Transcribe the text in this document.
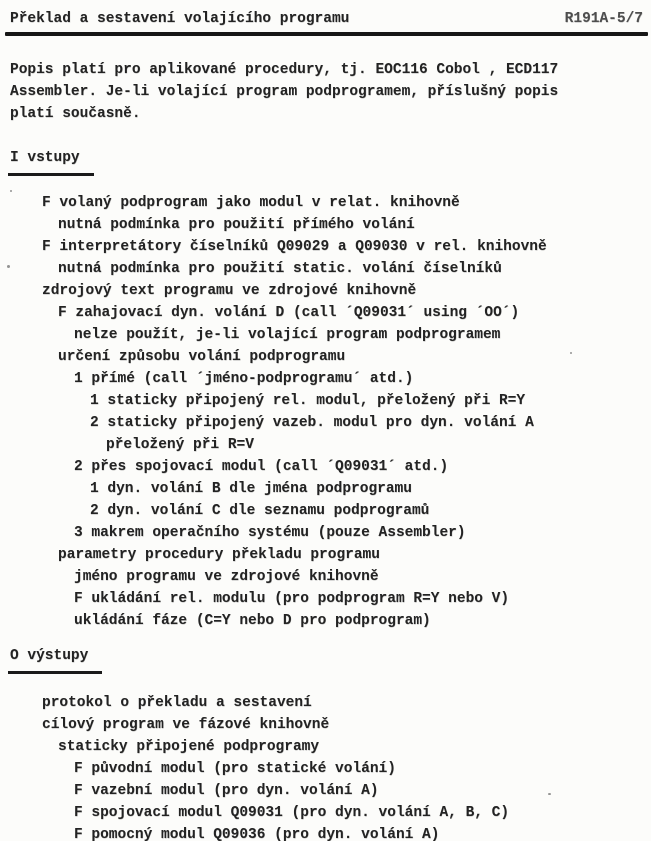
Překlad a sestavení volajícího programu	R191A-5/7
Popis platí pro aplikované procedury, tj. EOC116 Cobol , ECD117
Assembler. Je-li volající program podprogramem, příslušný popis
platí současně.
I vstupy
F volaný podprogram jako modul v relat. knihovně
nutná podmínka pro použití přímého volání
F interpretátory číselníků Q09029 a Q09030 v rel. knihovně
nutná podmínka pro použití static. volání číselníků
zdrojový text programu ve zdrojové knihovně
F zahajovací dyn. volání D (call ´Q09031´ using ´OO´)
nelze použít, je-li volající program podprogramem
určení způsobu volání podprogramu
1 přímé (call ´jméno-podprogramu´ atd.)
1 staticky připojený rel. modul, přeložený při R=Y
2 staticky připojený vazeb. modul pro dyn. volání A
přeložený při R=V
2 přes spojovací modul (call ´Q09031´ atd.)
1 dyn. volání B dle jména podprogramu
2 dyn. volání C dle seznamu podprogramů
3 makrem operačního systému (pouze Assembler)
parametry procedury překladu programu
jméno programu ve zdrojové knihovně
F ukládání rel. modulu (pro podprogram R=Y nebo V)
ukládání fáze (C=Y nebo D pro podprogram)
O výstupy
protokol o překladu a sestavení
cílový program ve fázové knihovně
staticky připojené podprogramy
F původní modul (pro statické volání)
F vazební modul (pro dyn. volání A)
F spojovací modul Q09031 (pro dyn. volání A, B, C)
F pomocný modul Q09036 (pro dyn. volání A)
